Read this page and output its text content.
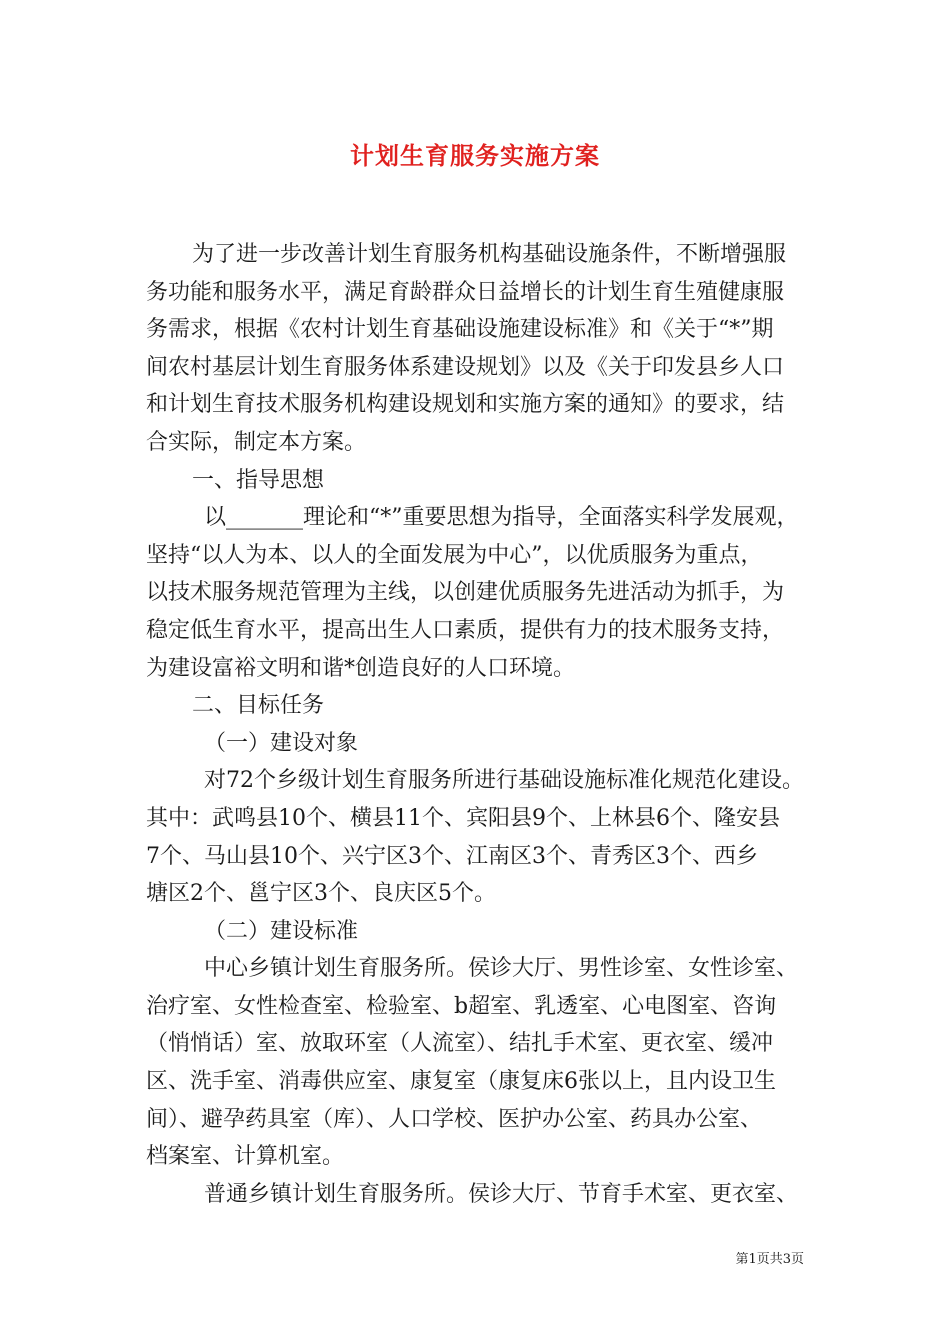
计划生育服务实施方案
为了进一步改善计划生育服务机构基础设施条件，不断增强服
务功能和服务水平，满足育龄群众日益增长的计划生育生殖健康服
务需求，根据《农村计划生育基础设施建设标准》和《关于“*”期
间农村基层计划生育服务体系建设规划》以及《关于印发县乡人口
和计划生育技术服务机构建设规划和实施方案的通知》的要求，结
合实际，制定本方案。
一、指导思想
以_______理论和“*”重要思想为指导，全面落实科学发展观，
坚持“以人为本、以人的全面发展为中心”，以优质服务为重点，
以技术服务规范管理为主线，以创建优质服务先进活动为抓手，为
稳定低生育水平，提高出生人口素质，提供有力的技术服务支持，
为建设富裕文明和谐*创造良好的人口环境。
二、目标任务
（一）建设对象
对72个乡级计划生育服务所进行基础设施标准化规范化建设。
其中：武鸣县10个、横县11个、宾阳县9个、上林县6个、隆安县
7个、马山县10个、兴宁区3个、江南区3个、青秀区3个、西乡
塘区2个、邕宁区3个、良庆区5个。
（二）建设标准
中心乡镇计划生育服务所。侯诊大厅、男性诊室、女性诊室、
治疗室、女性检查室、检验室、b超室、乳透室、心电图室、咨询
（悄悄话）室、放取环室（人流室）、结扎手术室、更衣室、缓冲
区、洗手室、消毒供应室、康复室（康复床6张以上，且内设卫生
间）、避孕药具室（库）、人口学校、医护办公室、药具办公室、
档案室、计算机室。
普通乡镇计划生育服务所。侯诊大厅、节育手术室、更衣室、
第1页共3页
